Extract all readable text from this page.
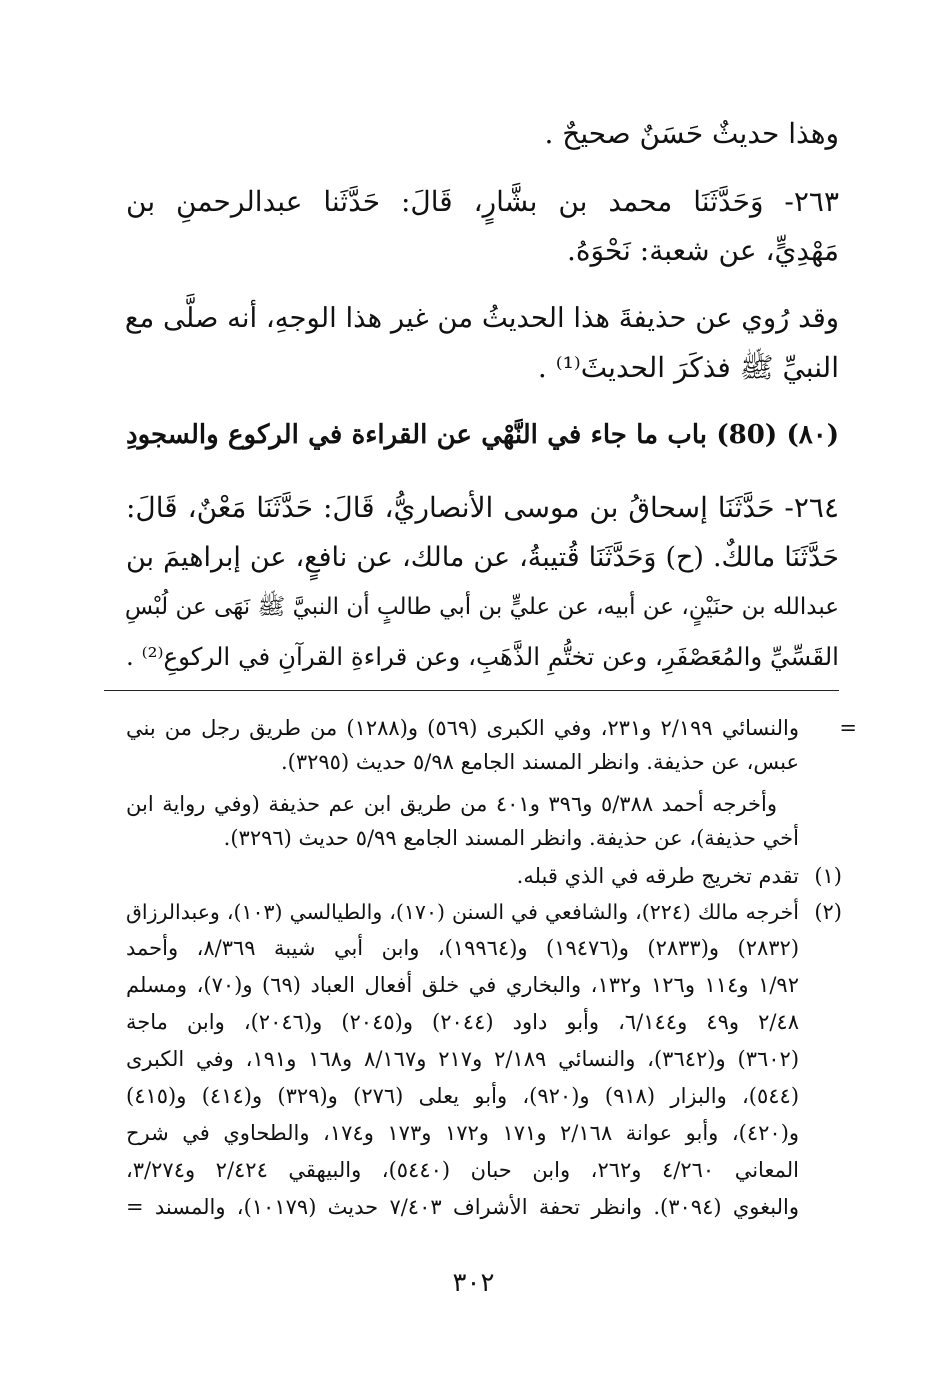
وهذا حديثٌ حَسَنٌ صحيحٌ .
٢٦٣- وَحَدَّثَنَا محمد بن بشَّارٍ، قَالَ: حَدَّثَنا عبدالرحمنِ بن
مَهْدِيٍّ، عن شعبة: نَحْوَهُ.
وقد رُوي عن حذيفةَ هذا الحديثُ من غير هذا الوجهِ، أنه صلَّى مع
النبيِّ ﷺ فذكَرَ الحديثَ⁽¹⁾ .
(٨٠) (80) باب ما جاء في النَّهْي عن القراءة في الركوع والسجودِ
٢٦٤- حَدَّثَنَا إسحاقُ بن موسى الأنصاريُّ، قَالَ: حَدَّثَنَا مَعْنٌ، قَالَ:
حَدَّثَنَا مالكٌ. (ح) وَحَدَّثَنَا قُتيبةُ، عن مالك، عن نافعٍ، عن إبراهيمَ بن
عبدالله بن حنَيْنٍ، عن أبيه، عن عليٍّ بن أبي طالبٍ أن النبيَّ ﷺ نَهَى عن لُبْسِ
القَسِّيِّ والمُعَصْفَرِ، وعن تختُّمِ الذَّهَبِ، وعن قراءةِ القرآنِ في الركوعِ⁽²⁾ .
=
والنسائي ٢/١٩٩ و٢٣١، وفي الكبرى (٥٦٩) و(١٢٨٨) من طريق رجل من بني
عبس، عن حذيفة. وانظر المسند الجامع ٥/٩٨ حديث (٣٢٩٥).
وأخرجه أحمد ٥/٣٨٨ و٣٩٦ و٤٠١ من طريق ابن عم حذيفة (وفي رواية ابن
أخي حذيفة)، عن حذيفة. وانظر المسند الجامع ٥/٩٩ حديث (٣٢٩٦).
(١)
تقدم تخريج طرقه في الذي قبله.
(٢)
أخرجه مالك (٢٢٤)، والشافعي في السنن (١٧٠)، والطيالسي (١٠٣)، وعبدالرزاق
(٢٨٣٢) و(٢٨٣٣) و(١٩٤٧٦) و(١٩٩٦٤)، وابن أبي شيبة ٨/٣٦٩، وأحمد
١/٩٢ و١١٤ و١٢٦ و١٣٢، والبخاري في خلق أفعال العباد (٦٩) و(٧٠)، ومسلم
٢/٤٨ و٤٩ و٦/١٤٤، وأبو داود (٢٠٤٤) و(٢٠٤٥) و(٢٠٤٦)، وابن ماجة
(٣٦٠٢) و(٣٦٤٢)، والنسائي ٢/١٨٩ و٢١٧ و٨/١٦٧ و١٦٨ و١٩١، وفي الكبرى
(٥٤٤)، والبزار (٩١٨) و(٩٢٠)، وأبو يعلى (٢٧٦) و(٣٢٩) و(٤١٤) و(٤١٥)
و(٤٢٠)، وأبو عوانة ٢/١٦٨ و١٧١ و١٧٢ و١٧٣ و١٧٤، والطحاوي في شرح
المعاني ٤/٢٦٠ و٢٦٢، وابن حبان (٥٤٤٠)، والبيهقي ٢/٤٢٤ و٣/٢٧٤،
والبغوي (٣٠٩٤). وانظر تحفة الأشراف ٧/٤٠٣ حديث (١٠١٧٩)، والمسند =
٣٠٢
